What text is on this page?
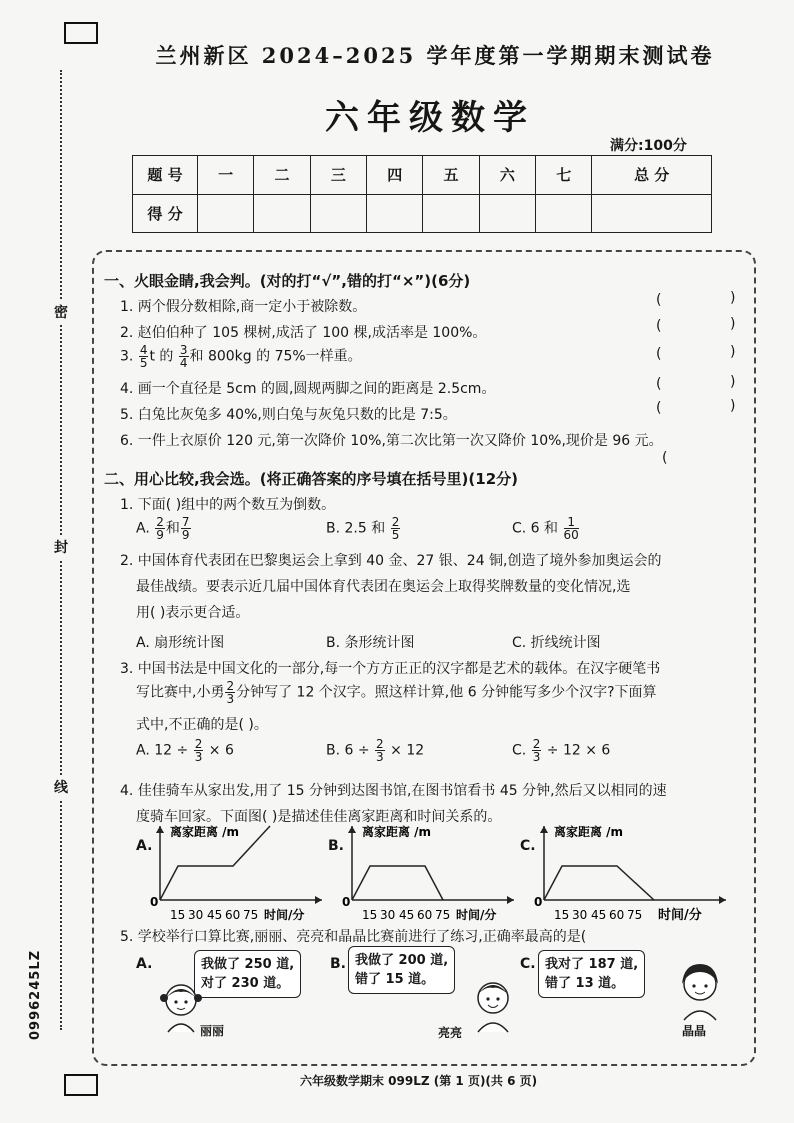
密
封
线
0996245LZ
兰州新区 2024–2025 学年度第一学期期末测试卷
六年级数学
满分:100分
题 号	一	二	三	四	五	六	七	总 分
得 分								
一、火眼金睛,我会判。(对的打“√”,错的打“×”)(6分)
1. 两个假分数相除,商一定小于被除数。
2. 赵伯伯种了 105 棵树,成活了 100 棵,成活率是 100%。
3. $\frac{4}{5}$ t 的 $\frac{3}{4}$ 和 800kg 的 75%一样重。
4. 画一个直径是 5cm 的圆,圆规两脚之间的距离是 2.5cm。
5. 白兔比灰兔多 40%,则白兔与灰兔只数的比是 7:5。
6. 一件上衣原价 120 元,第一次降价 10%,第二次比第一次又降价 10%,现价是 96 元。
(	)
(	)
(	)
(	)
(	)
(
二、用心比较,我会选。(将正确答案的序号填在括号里)(12分)
1. 下面( )组中的两个数互为倒数。
A. $\frac{2}{9}$ 和 $\frac{7}{9}$	B. 2.5 和 $\frac{2}{5}$	C. 6 和 $\frac{1}{60}$
2. 中国体育代表团在巴黎奥运会上拿到 40 金、27 银、24 铜,创造了境外参加奥运会的
最佳战绩。要表示近几届中国体育代表团在奥运会上取得奖牌数量的变化情况,选
用( )表示更合适。
A. 扇形统计图	B. 条形统计图	C. 折线统计图
3. 中国书法是中国文化的一部分,每一个方方正正的汉字都是艺术的载体。在汉字硬笔书
写比赛中,小勇 $\frac{2}{3}$ 分钟写了 12 个汉字。照这样计算,他 6 分钟能写多少个汉字?下面算
式中,不正确的是( )。
A. $12 \div \frac{2}{3} \times 6$	B. $6 \div \frac{2}{3} \times 12$	C. $\frac{2}{3} \div 12 \times 6$
4. 佳佳骑车从家出发,用了 15 分钟到达图书馆,在图书馆看书 45 分钟,然后又以相同的速
度骑车回家。下面图( )是描述佳佳离家距离和时间关系的。
A.
离家距离 /m
0
15 30 45 60 75 时间/分
B.
离家距离 /m
0
15 30 45 60 75 时间/分
C.
离家距离 /m
0
15 30 45 60 75 时间/分
5. 学校举行口算比赛,丽丽、亮亮和晶晶比赛前进行了练习,正确率最高的是(
A.	我做了 250 道,
对了 230 道。
丽丽
B. 我做了 200 道,
错了 15 道。
亮亮
C. 我对了 187 道,
错了 13 道。
晶晶
六年级数学期末 099LZ (第 1 页)(共 6 页)
